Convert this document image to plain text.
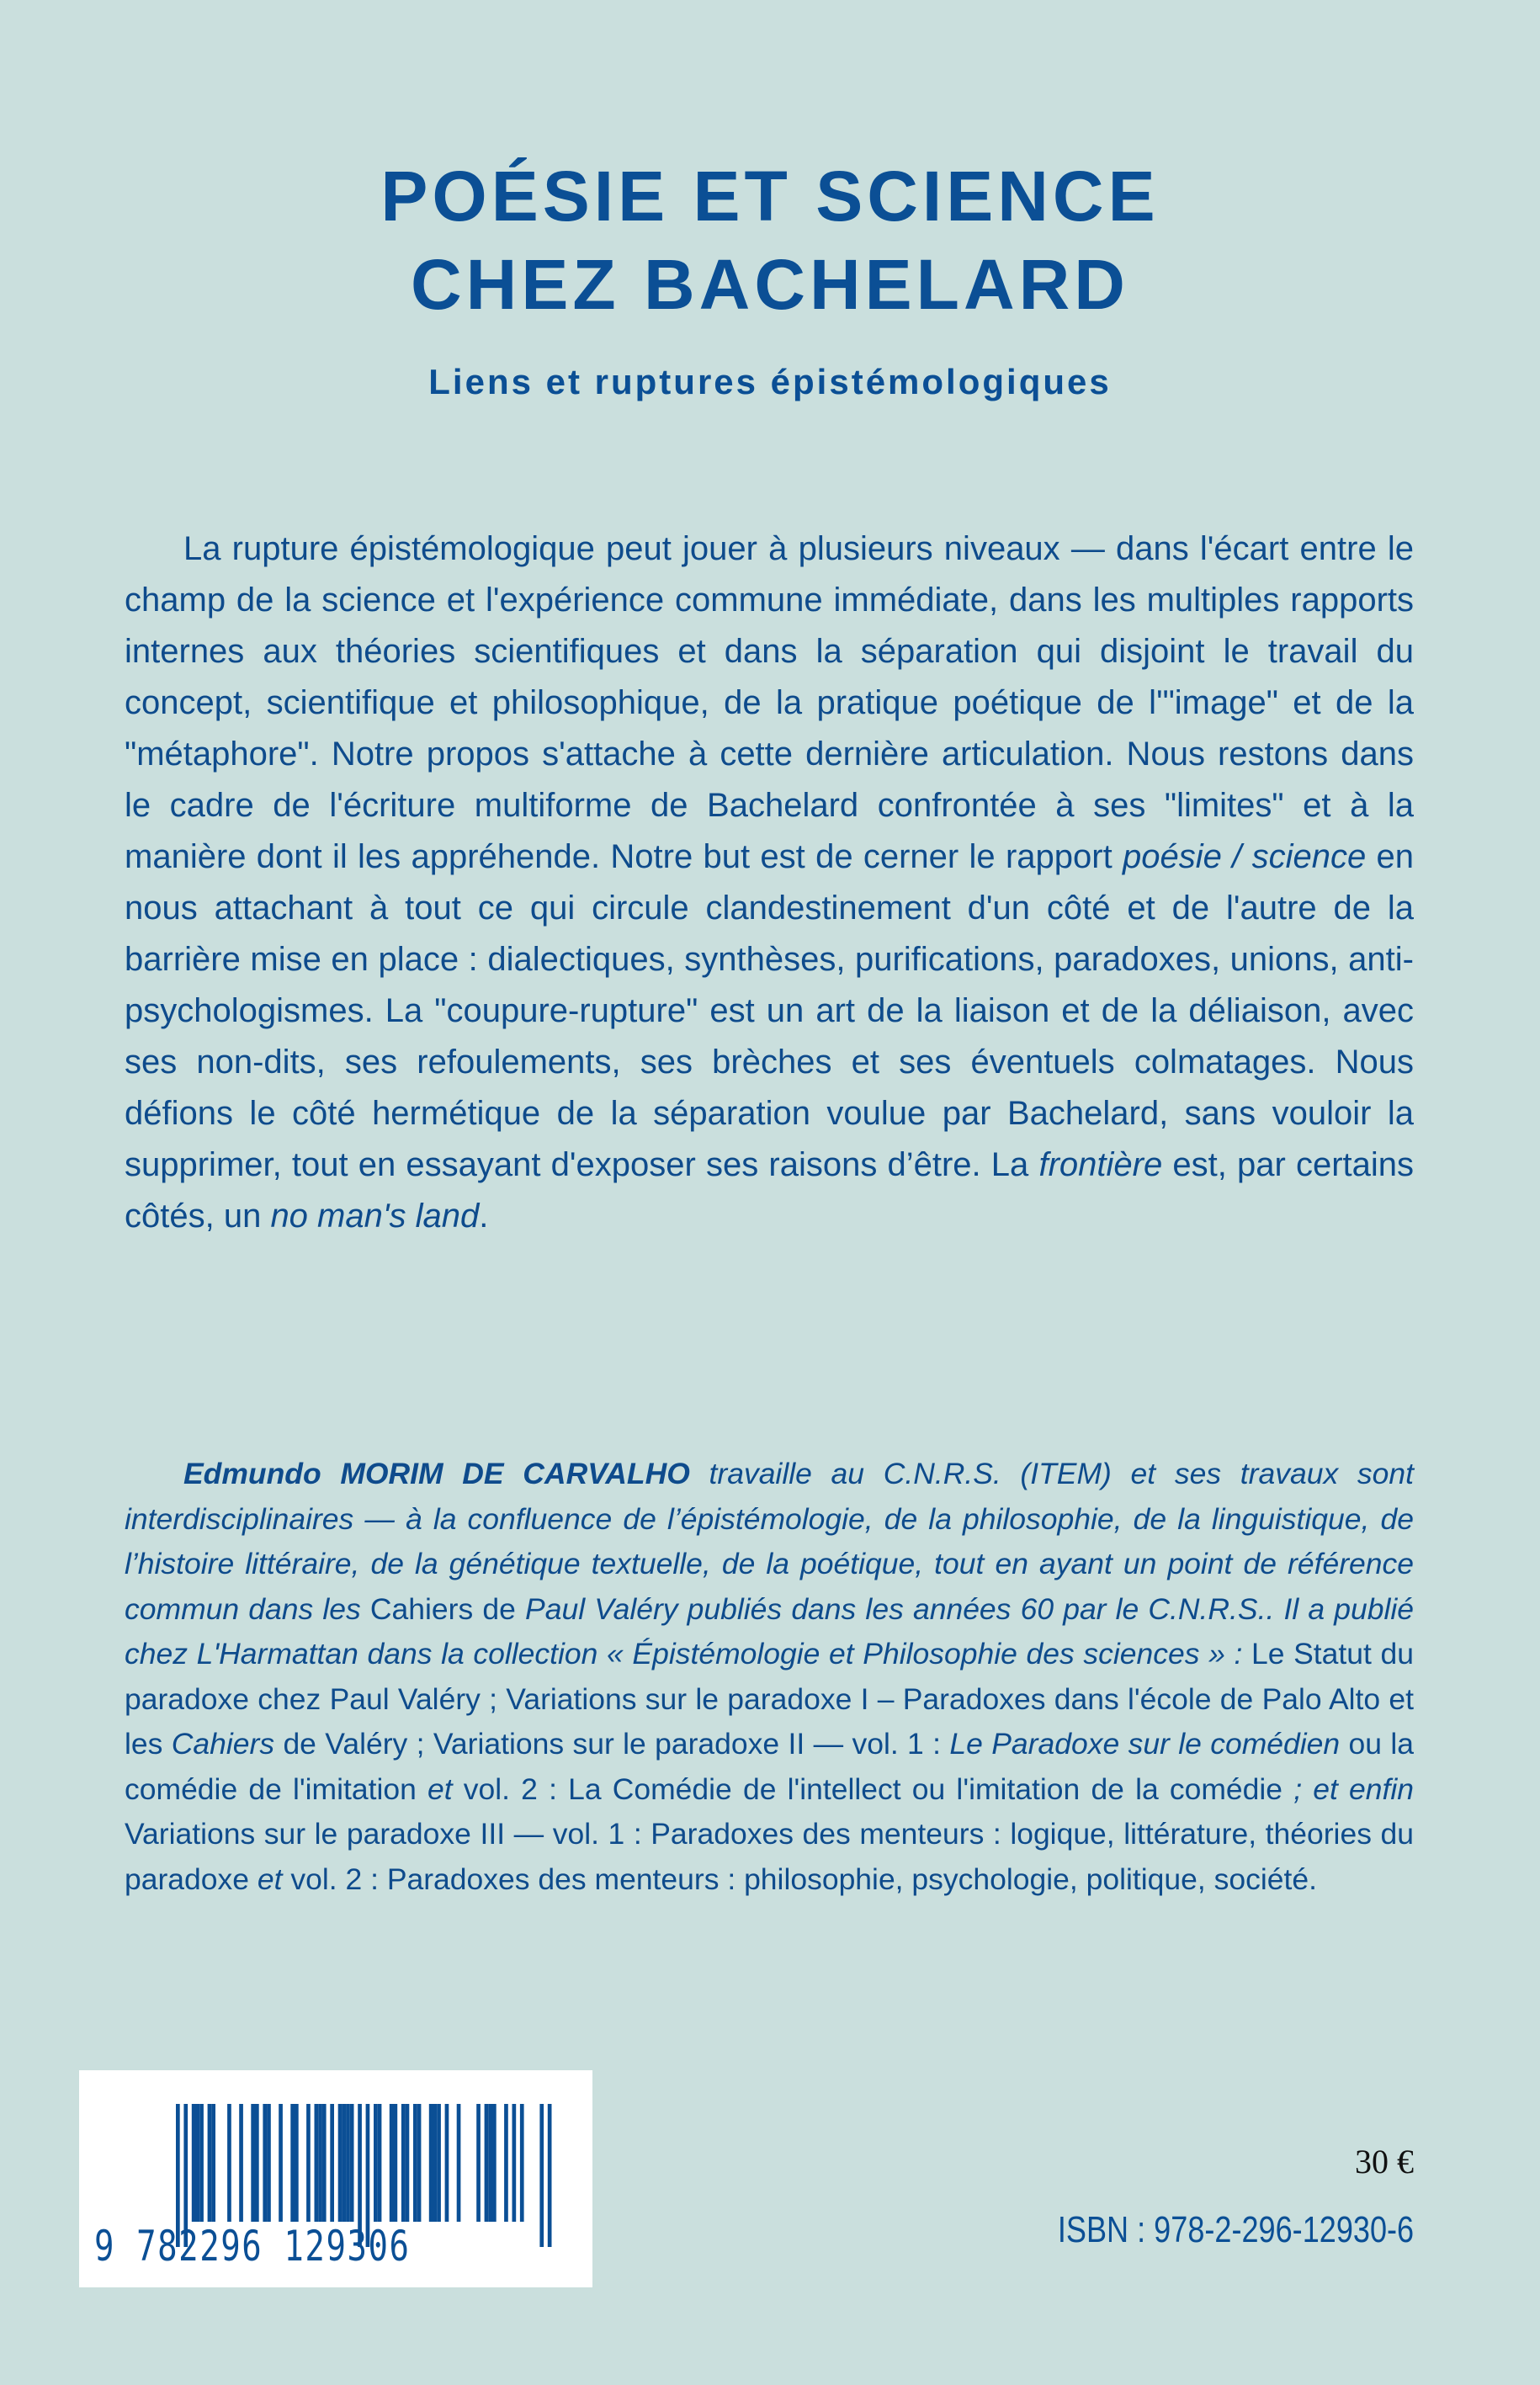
POÉSIE ET SCIENCE
CHEZ BACHELARD
Liens et ruptures épistémologiques

La rupture épistémologique peut jouer à plusieurs niveaux — dans l'écart entre le champ de la science et l'expérience commune immédiate, dans les multiples rapports internes aux théories scientifiques et dans la séparation qui disjoint le travail du concept, scientifique et philosophique, de la pratique poétique de l'"image" et de la "métaphore". Notre propos s'attache à cette dernière articulation. Nous restons dans le cadre de l'écriture multiforme de Bachelard confrontée à ses "limites" et à la manière dont il les appréhende. Notre but est de cerner le rapport poésie / science en nous attachant à tout ce qui circule clandestinement d'un côté et de l'autre de la barrière mise en place : dialectiques, synthèses, purifications, paradoxes, unions, anti-psychologismes. La "coupure-rupture" est un art de la liaison et de la déliaison, avec ses non-dits, ses refoulements, ses brèches et ses éventuels colmatages. Nous défions le côté hermétique de la séparation voulue par Bachelard, sans vouloir la supprimer, tout en essayant d'exposer ses raisons d’être. La frontière est, par certains côtés, un no man's land.

Edmundo MORIM DE CARVALHO travaille au C.N.R.S. (ITEM) et ses travaux sont interdisciplinaires — à la confluence de l’épistémologie, de la philosophie, de la linguistique, de l’histoire littéraire, de la génétique textuelle, de la poétique, tout en ayant un point de référence commun dans les Cahiers de Paul Valéry publiés dans les années 60 par le C.N.R.S.. Il a publié chez L'Harmattan dans la collection « Épistémologie et Philosophie des sciences » : Le Statut du paradoxe chez Paul Valéry ; Variations sur le paradoxe I – Paradoxes dans l'école de Palo Alto et les Cahiers de Valéry ; Variations sur le paradoxe II — vol. 1 : Le Paradoxe sur le comédien ou la comédie de l'imitation et vol. 2 : La Comédie de l'intellect ou l'imitation de la comédie ; et enfin Variations sur le paradoxe III — vol. 1 : Paradoxes des menteurs : logique, littérature, théories du paradoxe et vol. 2 : Paradoxes des menteurs : philosophie, psychologie, politique, société.

9 782296 129306
30 €
ISBN : 978-2-296-12930-6
